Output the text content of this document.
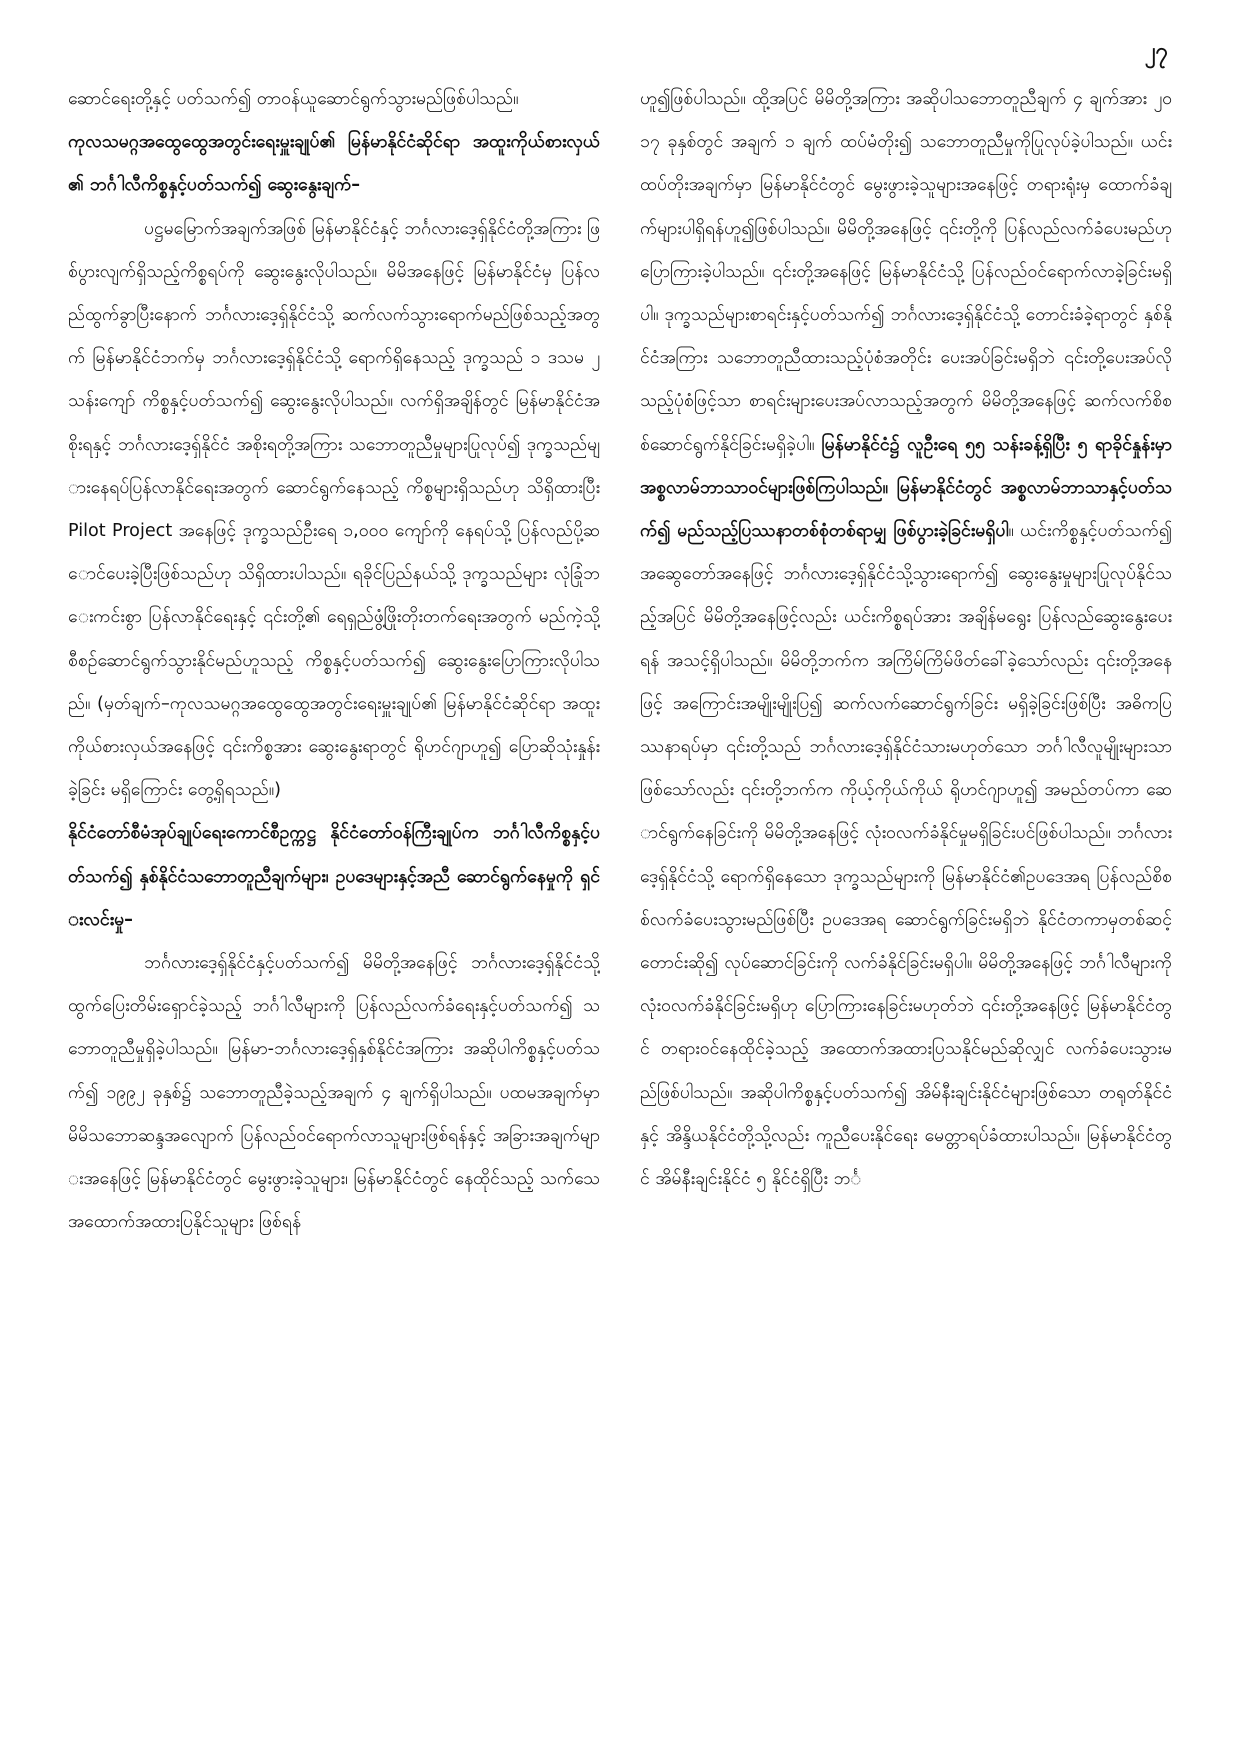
၂၇

ဆောင်ရေးတို့နှင့် ပတ်သက်၍ တာဝန်ယူဆောင်ရွက်သွားမည်ဖြစ်ပါသည်။

ကုလသမဂ္ဂအထွေထွေအတွင်းရေးမှူးချုပ်၏ မြန်မာနိုင်ငံဆိုင်ရာ အထူးကိုယ်စားလှယ်၏ ဘင်္ဂါလီကိစ္စနှင့်ပတ်သက်၍ ဆွေးနွေးချက်–

ပဋ္ဌမမြောက်အချက်အဖြစ် မြန်မာနိုင်ငံနှင့် ဘင်္ဂလားဒေ့ရှ်နိုင်ငံတို့အကြား ဖြစ်ပွားလျက်ရှိသည့်ကိစ္စရပ်ကို ဆွေးနွေးလိုပါသည်။ မိမိအနေဖြင့် မြန်မာနိုင်ငံမှ ပြန်လည်ထွက်ခွာပြီးနောက် ဘင်္ဂလားဒေ့ရှ်နိုင်ငံသို့ ဆက်လက်သွားရောက်မည်ဖြစ်သည့်အတွက် မြန်မာနိုင်ငံဘက်မှ ဘင်္ဂလားဒေ့ရှ်နိုင်ငံသို့ ရောက်ရှိနေသည့် ဒုက္ခသည် ၁ ဒသမ ၂ သန်းကျော် ကိစ္စနှင့်ပတ်သက်၍ ဆွေးနွေးလိုပါသည်။ လက်ရှိအချိန်တွင် မြန်မာနိုင်ငံအစိုးရနှင့် ဘင်္ဂလားဒေ့ရှ်နိုင်ငံ အစိုးရတို့အကြား သဘောတူညီမှုများပြုလုပ်၍ ဒုက္ခသည်များနေရပ်ပြန်လာနိုင်ရေးအတွက် ဆောင်ရွက်နေသည့် ကိစ္စများရှိသည်ဟု သိရှိထားပြီး Pilot Project အနေဖြင့် ဒုက္ခသည်ဦးရေ ၁,၀၀၀ ကျော်ကို နေရပ်သို့ ပြန်လည်ပို့ဆောင်ပေးခဲ့ပြီးဖြစ်သည်ဟု သိရှိထားပါသည်။ ရခိုင်ပြည်နယ်သို့ ဒုက္ခသည်များ လုံခြုံဘေးကင်းစွာ ပြန်လာနိုင်ရေးနှင့် ၎င်းတို့၏ ရေရှည်ဖွံ့ဖြိုးတိုးတက်ရေးအတွက် မည်ကဲ့သို့စီစဉ်ဆောင်ရွက်သွားနိုင်မည်ဟူသည့် ကိစ္စနှင့်ပတ်သက်၍ ဆွေးနွေးပြောကြားလိုပါသည်။ (မှတ်ချက်–ကုလသမဂ္ဂအထွေထွေအတွင်းရေးမှူးချုပ်၏ မြန်မာနိုင်ငံဆိုင်ရာ အထူးကိုယ်စားလှယ်အနေဖြင့် ၎င်းကိစ္စအား ဆွေးနွေးရာတွင် ရိုဟင်ဂျာဟူ၍ ပြောဆိုသုံးနှုန်းခဲ့ခြင်း မရှိကြောင်း တွေ့ရှိရသည်။)

နိုင်ငံတော်စီမံအုပ်ချုပ်ရေးကောင်စီဥက္ကဋ္ဌ နိုင်ငံတော်ဝန်ကြီးချုပ်က ဘင်္ဂါလီကိစ္စနှင့်ပတ်သက်၍ နှစ်နိုင်ငံသဘောတူညီချက်များ၊ ဥပဒေများနှင့်အညီ ဆောင်ရွက်နေမှုကို ရှင်းလင်းမှု–

ဘင်္ဂလားဒေ့ရှ်နိုင်ငံနှင့်ပတ်သက်၍ မိမိတို့အနေဖြင့် ဘင်္ဂလားဒေ့ရှ်နိုင်ငံသို့ ထွက်ပြေးတိမ်းရှောင်ခဲ့သည့် ဘင်္ဂါလီများကို ပြန်လည်လက်ခံရေးနှင့်ပတ်သက်၍ သဘောတူညီမှုရှိခဲ့ပါသည်။ မြန်မာ-ဘင်္ဂလားဒေ့ရှ်နှစ်နိုင်ငံအကြား အဆိုပါကိစ္စနှင့်ပတ်သက်၍ ၁၉၉၂ ခုနှစ်၌ သဘောတူညီခဲ့သည့်အချက် ၄ ချက်ရှိပါသည်။ ပထမအချက်မှာ မိမိသဘောဆန္ဒအလျောက် ပြန်လည်ဝင်ရောက်လာသူများဖြစ်ရန်နှင့် အခြားအချက်များအနေဖြင့် မြန်မာနိုင်ငံတွင် မွေးဖွားခဲ့သူများ၊ မြန်မာနိုင်ငံတွင် နေထိုင်သည့် သက်သေအထောက်အထားပြနိုင်သူများ ဖြစ်ရန်

ဟူ၍ဖြစ်ပါသည်။ ထို့အပြင် မိမိတို့အကြား အဆိုပါသဘောတူညီချက် ၄ ချက်အား ၂၀၁၇ ခုနှစ်တွင် အချက် ၁ ချက် ထပ်မံတိုး၍ သဘောတူညီမှုကိုပြုလုပ်ခဲ့ပါသည်။ ယင်းထပ်တိုးအချက်မှာ မြန်မာနိုင်ငံတွင် မွေးဖွားခဲ့သူများအနေဖြင့် တရားရုံးမှ ထောက်ခံချက်များပါရှိရန်ဟူ၍ဖြစ်ပါသည်။ မိမိတို့အနေဖြင့် ၎င်းတို့ကို ပြန်လည်လက်ခံပေးမည်ဟု ပြောကြားခဲ့ပါသည်။ ၎င်းတို့အနေဖြင့် မြန်မာနိုင်ငံသို့ ပြန်လည်ဝင်ရောက်လာခဲ့ခြင်းမရှိပါ။ ဒုက္ခသည်များစာရင်းနှင့်ပတ်သက်၍ ဘင်္ဂလားဒေ့ရှ်နိုင်ငံသို့ တောင်းခံခဲ့ရာတွင် နှစ်နိုင်ငံအကြား သဘောတူညီထားသည့်ပုံစံအတိုင်း ပေးအပ်ခြင်းမရှိဘဲ ၎င်းတို့ပေးအပ်လိုသည့်ပုံစံဖြင့်သာ စာရင်းများပေးအပ်လာသည့်အတွက် မိမိတို့အနေဖြင့် ဆက်လက်စိစစ်ဆောင်ရွက်နိုင်ခြင်းမရှိခဲ့ပါ။ မြန်မာနိုင်ငံ၌ လူဦးရေ ၅၅ သန်းခန့်ရှိပြီး ၅ ရာခိုင်နှုန်းမှာ အစ္စလာမ်ဘာသာဝင်များဖြစ်ကြပါသည်။ မြန်မာနိုင်ငံတွင် အစ္စလာမ်ဘာသာနှင့်ပတ်သက်၍ မည်သည့်ပြဿနာတစ်စုံတစ်ရာမျှ ဖြစ်ပွားခဲ့ခြင်းမရှိပါ။ ယင်းကိစ္စနှင့်ပတ်သက်၍ အဆွေတော်အနေဖြင့် ဘင်္ဂလားဒေ့ရှ်နိုင်ငံသို့သွားရောက်၍ ဆွေးနွေးမှုများပြုလုပ်နိုင်သည့်အပြင် မိမိတို့အနေဖြင့်လည်း ယင်းကိစ္စရပ်အား အချိန်မရွေး ပြန်လည်ဆွေးနွေးပေးရန် အသင့်ရှိပါသည်။ မိမိတို့ဘက်က အကြိမ်ကြိမ်ဖိတ်ခေါ်ခဲ့သော်လည်း ၎င်းတို့အနေဖြင့် အကြောင်းအမျိုးမျိုးပြ၍ ဆက်လက်ဆောင်ရွက်ခြင်း မရှိခဲ့ခြင်းဖြစ်ပြီး အဓိကပြဿနာရပ်မှာ ၎င်းတို့သည် ဘင်္ဂလားဒေ့ရှ်နိုင်ငံသားမဟုတ်သော ဘင်္ဂါလီလူမျိုးများသာဖြစ်သော်လည်း ၎င်းတို့ဘက်က ကိုယ့်ကိုယ်ကိုယ် ရိုဟင်ဂျာဟူ၍ အမည်တပ်ကာ ဆောင်ရွက်နေခြင်းကို မိမိတို့အနေဖြင့် လုံးဝလက်ခံနိုင်မှုမရှိခြင်းပင်ဖြစ်ပါသည်။ ဘင်္ဂလားဒေ့ရှ်နိုင်ငံသို့ ရောက်ရှိနေသော ဒုက္ခသည်များကို မြန်မာနိုင်ငံ၏ဥပဒေအရ ပြန်လည်စိစစ်လက်ခံပေးသွားမည်ဖြစ်ပြီး ဥပဒေအရ ဆောင်ရွက်ခြင်းမရှိဘဲ နိုင်ငံတကာမှတစ်ဆင့်တောင်းဆို၍ လုပ်ဆောင်ခြင်းကို လက်ခံနိုင်ခြင်းမရှိပါ။ မိမိတို့အနေဖြင့် ဘင်္ဂါလီများကို လုံးဝလက်ခံနိုင်ခြင်းမရှိဟု ပြောကြားနေခြင်းမဟုတ်ဘဲ ၎င်းတို့အနေဖြင့် မြန်မာနိုင်ငံတွင် တရားဝင်နေထိုင်ခဲ့သည့် အထောက်အထားပြသနိုင်မည်ဆိုလျှင် လက်ခံပေးသွားမည်ဖြစ်ပါသည်။ အဆိုပါကိစ္စနှင့်ပတ်သက်၍ အိမ်နီးချင်းနိုင်ငံများဖြစ်သော တရုတ်နိုင်ငံနှင့် အိန္ဒိယနိုင်ငံတို့သို့လည်း ကူညီပေးနိုင်ရေး မေတ္တာရပ်ခံထားပါသည်။ မြန်မာနိုင်ငံတွင် အိမ်နီးချင်းနိုင်ငံ ၅ နိုင်ငံရှိပြီး ဘင်္
